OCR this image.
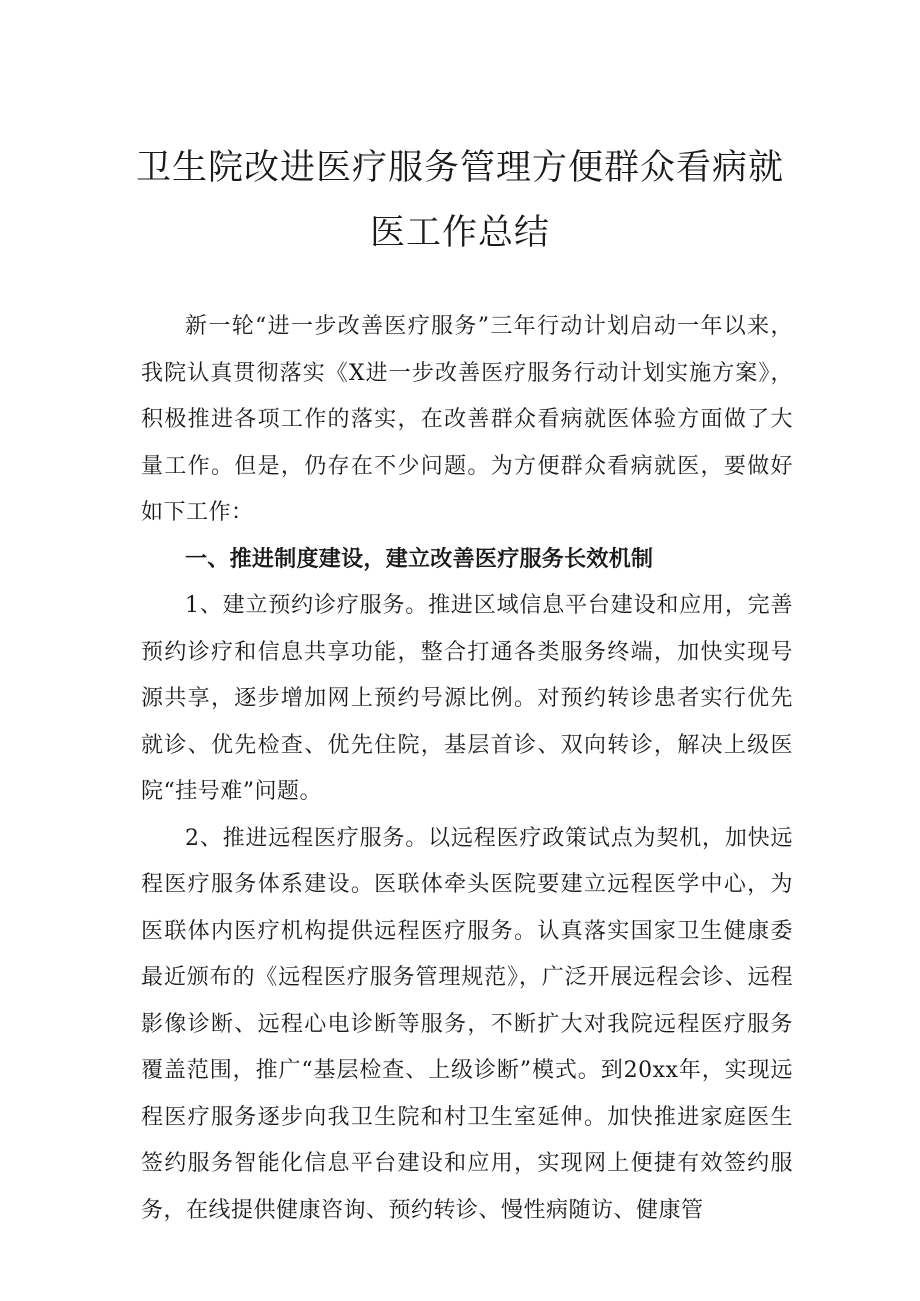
卫生院改进医疗服务管理方便群众看病就
医工作总结

新一轮“进一步改善医疗服务”三年行动计划启动一年以来，我院认真贯彻落实《X进一步改善医疗服务行动计划实施方案》，积极推进各项工作的落实，在改善群众看病就医体验方面做了大量工作。但是，仍存在不少问题。为方便群众看病就医，要做好如下工作：

一、推进制度建设，建立改善医疗服务长效机制

1、建立预约诊疗服务。推进区域信息平台建设和应用，完善预约诊疗和信息共享功能，整合打通各类服务终端，加快实现号源共享，逐步增加网上预约号源比例。对预约转诊患者实行优先就诊、优先检查、优先住院，基层首诊、双向转诊，解决上级医院“挂号难”问题。

2、推进远程医疗服务。以远程医疗政策试点为契机，加快远程医疗服务体系建设。医联体牵头医院要建立远程医学中心，为医联体内医疗机构提供远程医疗服务。认真落实国家卫生健康委最近颁布的《远程医疗服务管理规范》，广泛开展远程会诊、远程影像诊断、远程心电诊断等服务，不断扩大对我院远程医疗服务覆盖范围，推广“基层检查、上级诊断”模式。到20xx年，实现远程医疗服务逐步向我卫生院和村卫生室延伸。加快推进家庭医生签约服务智能化信息平台建设和应用，实现网上便捷有效签约服务，在线提供健康咨询、预约转诊、慢性病随访、健康管
